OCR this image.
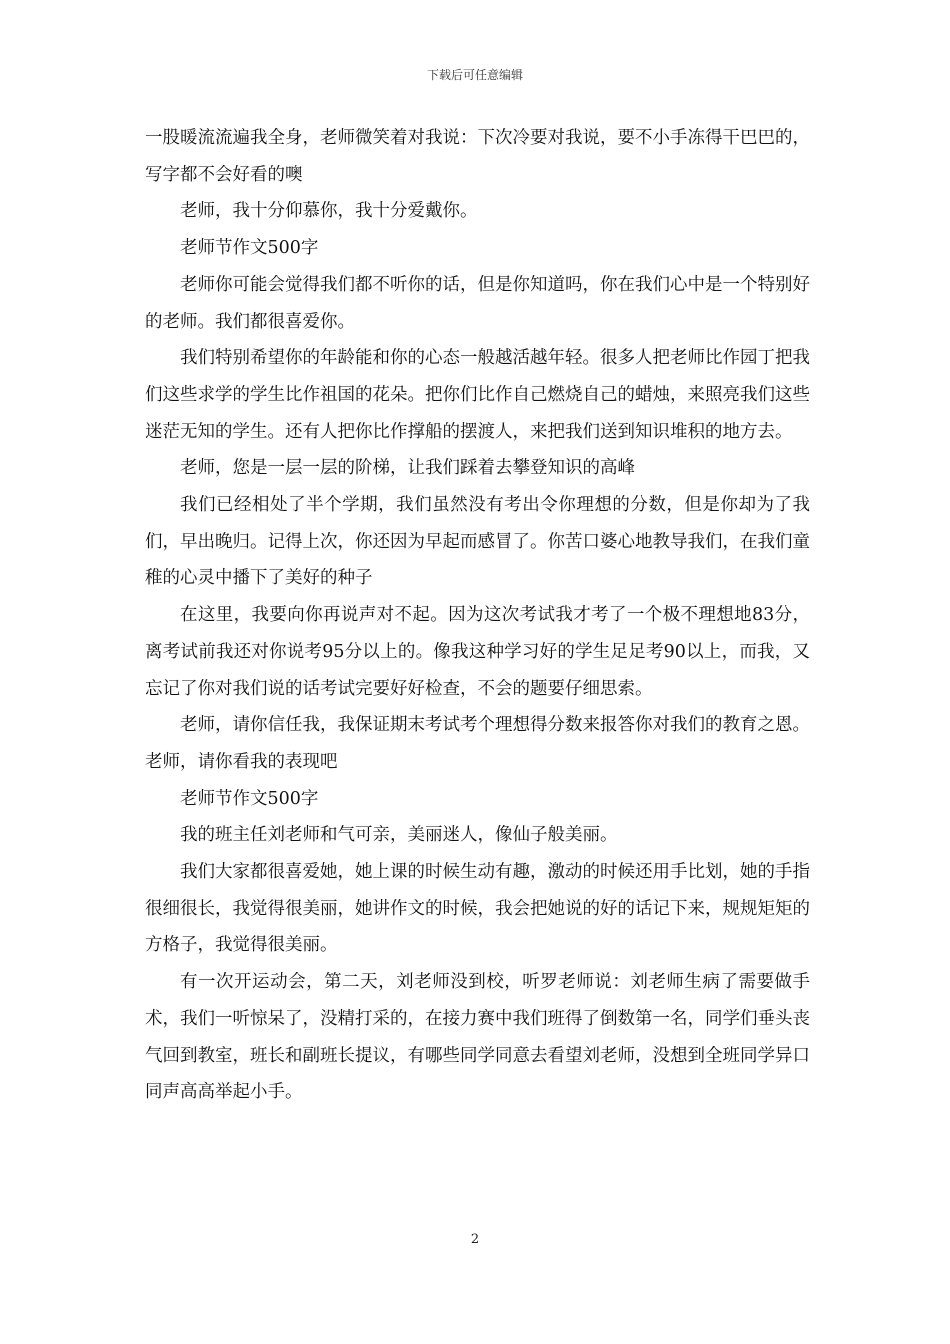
下载后可任意编辑

一股暖流流遍我全身，老师微笑着对我说：下次冷要对我说，要不小手冻得干巴巴的，写字都不会好看的噢

老师，我十分仰慕你，我十分爱戴你。

老师节作文500字

老师你可能会觉得我们都不听你的话，但是你知道吗，你在我们心中是一个特别好的老师。我们都很喜爱你。

我们特别希望你的年龄能和你的心态一般越活越年轻。很多人把老师比作园丁把我们这些求学的学生比作祖国的花朵。把你们比作自己燃烧自己的蜡烛，来照亮我们这些迷茫无知的学生。还有人把你比作撑船的摆渡人，来把我们送到知识堆积的地方去。

老师，您是一层一层的阶梯，让我们踩着去攀登知识的高峰

我们已经相处了半个学期，我们虽然没有考出令你理想的分数，但是你却为了我们，早出晚归。记得上次，你还因为早起而感冒了。你苦口婆心地教导我们，在我们童稚的心灵中播下了美好的种子

在这里，我要向你再说声对不起。因为这次考试我才考了一个极不理想地83分，离考试前我还对你说考95分以上的。像我这种学习好的学生足足考90以上，而我，又忘记了你对我们说的话考试完要好好检查，不会的题要仔细思索。

老师，请你信任我，我保证期末考试考个理想得分数来报答你对我们的教育之恩。老师，请你看我的表现吧

老师节作文500字

我的班主任刘老师和气可亲，美丽迷人，像仙子般美丽。

我们大家都很喜爱她，她上课的时候生动有趣，激动的时候还用手比划，她的手指很细很长，我觉得很美丽，她讲作文的时候，我会把她说的好的话记下来，规规矩矩的方格子，我觉得很美丽。

有一次开运动会，第二天，刘老师没到校，听罗老师说：刘老师生病了需要做手术，我们一听惊呆了，没精打采的，在接力赛中我们班得了倒数第一名，同学们垂头丧气回到教室，班长和副班长提议，有哪些同学同意去看望刘老师，没想到全班同学异口同声高高举起小手。

2
